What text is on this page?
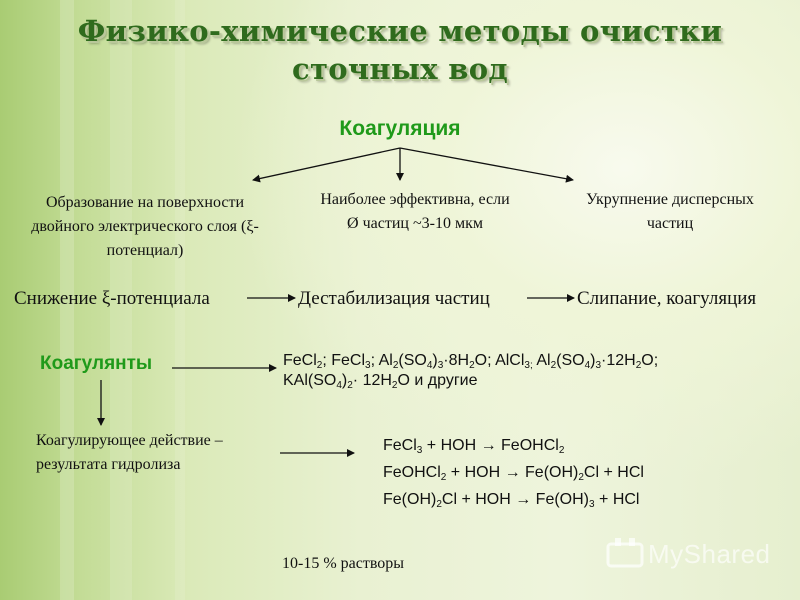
Физико-химические методы очистки
сточных вод
Коагуляция
Образование на поверхности
двойного электрического слоя (ξ-
потенциал)
Наиболее эффективна, если
Ø частиц ~3-10 мкм
Укрупнение дисперсных
частиц
Снижение ξ-потенциала	Дестабилизация частиц	Слипание, коагуляция
Коагулянты	FeCl$_2$; FeCl$_3$; $Al_2(SO_4)_3\cdot 8H_2O$; AlCl$_{3;}$ $Al_2(SO_4)_3\cdot 12H_2O$;
$KAl(SO_4)_2\cdot 12H_2O$ и другие
Коагулирующее действие –
результата гидролиза
FeCl$_3$ + HOH → FeOHCl$_2$
FeOHCl$_2$ + HOH → $Fe(OH)_2Cl$ + HCl
$Fe(OH)_2Cl$ + HOH → $Fe(OH)_3$ + HCl
10-15 % растворы	MyShared
